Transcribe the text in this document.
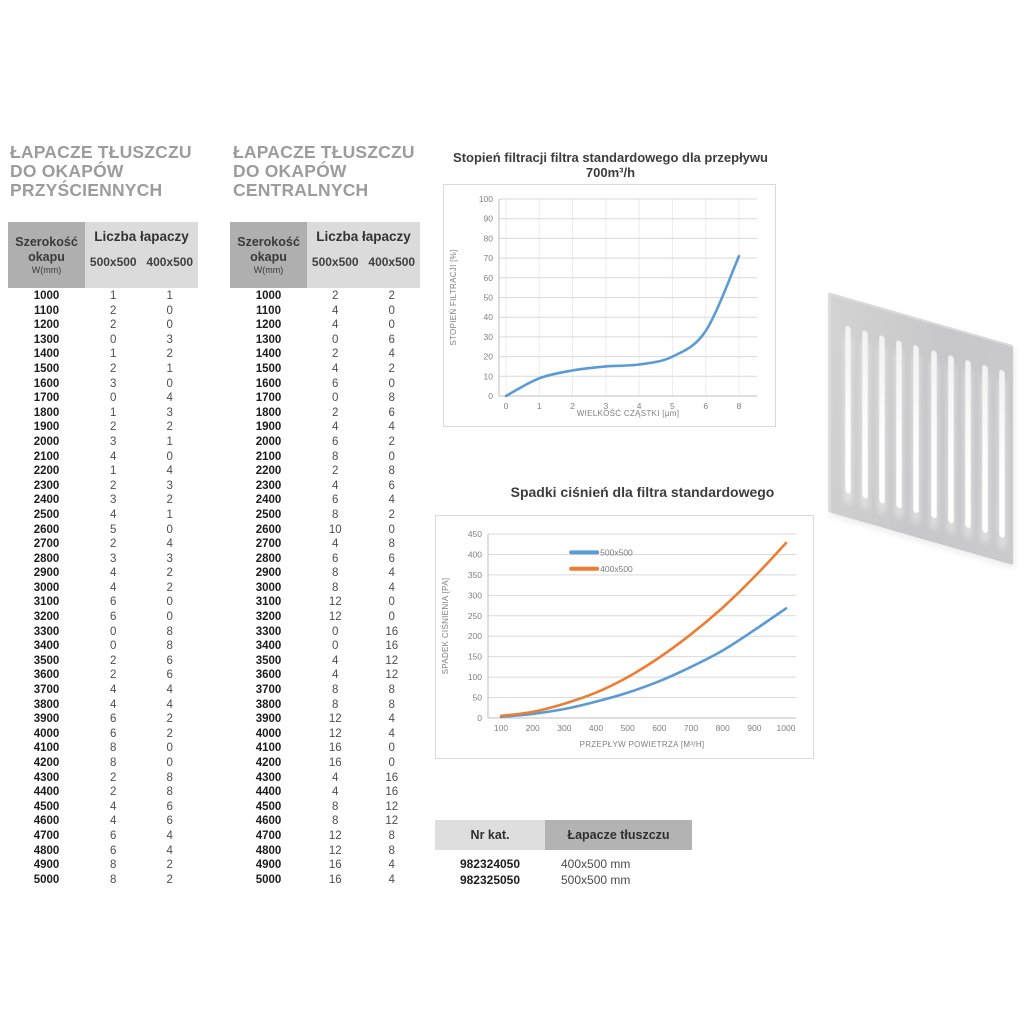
ŁAPACZE TŁUSZCZU
DO OKAPÓW
PRZYŚCIENNYCH
ŁAPACZE TŁUSZCZU
DO OKAPÓW
CENTRALNYCH
Szerokość
okapu
W(mm)
Liczba łapaczy
500x500 400x500
1000	1	1
1100	2	0
1200	2	0
1300	0	3
1400	1	2
1500	2	1
1600	3	0
1700	0	4
1800	1	3
1900	2	2
2000	3	1
2100	4	0
2200	1	4
2300	2	3
2400	3	2
2500	4	1
2600	5	0
2700	2	4
2800	3	3
2900	4	2
3000	4	2
3100	6	0
3200	6	0
3300	0	8
3400	0	8
3500	2	6
3600	2	6
3700	4	4
3800	4	4
3900	6	2
4000	6	2
4100	8	0
4200	8	0
4300	2	8
4400	2	8
4500	4	6
4600	4	6
4700	6	4
4800	6	4
4900	8	2
5000	8	2
Szerokość
okapu
W(mm)
Liczba łapaczy
500x500 400x500
1000	2	2
1100	4	0
1200	4	0
1300	0	6
1400	2	4
1500	4	2
1600	6	0
1700	0	8
1800	2	6
1900	4	4
2000	6	2
2100	8	0
2200	2	8
2300	4	6
2400	6	4
2500	8	2
2600	10	0
2700	4	8
2800	6	6
2900	8	4
3000	8	4
3100	12	0
3200	12	0
3300	0	16
3400	0	16
3500	4	12
3600	4	12
3700	8	8
3800	8	8
3900	12	4
4000	12	4
4100	16	0
4200	16	0
4300	4	16
4400	4	16
4500	8	12
4600	8	12
4700	12	8
4800	12	8
4900	16	4
5000	16	4
Stopień filtracji filtra standardowego dla przepływu 700m³/h
0
10
20
30
40
50
60
70
80
90
100
0	1	2	3	4	5	6	8
WIELKOŚĆ CZĄSTKI [μm]
STOPIEŃ FILTRACJI [%]
Spadki ciśnień dla filtra standardowego
0
50
100
150
200
250
300
350
400
450
100 200 300 400 500 600 700 800 900 1000
PRZEPŁYW POWIETRZA [M³/H]
SPADEK CIŚNIENIA [PA]
500x500
400x500
Nr kat.	Łapacze tłuszczu
982324050	400x500 mm
982325050	500x500 mm
